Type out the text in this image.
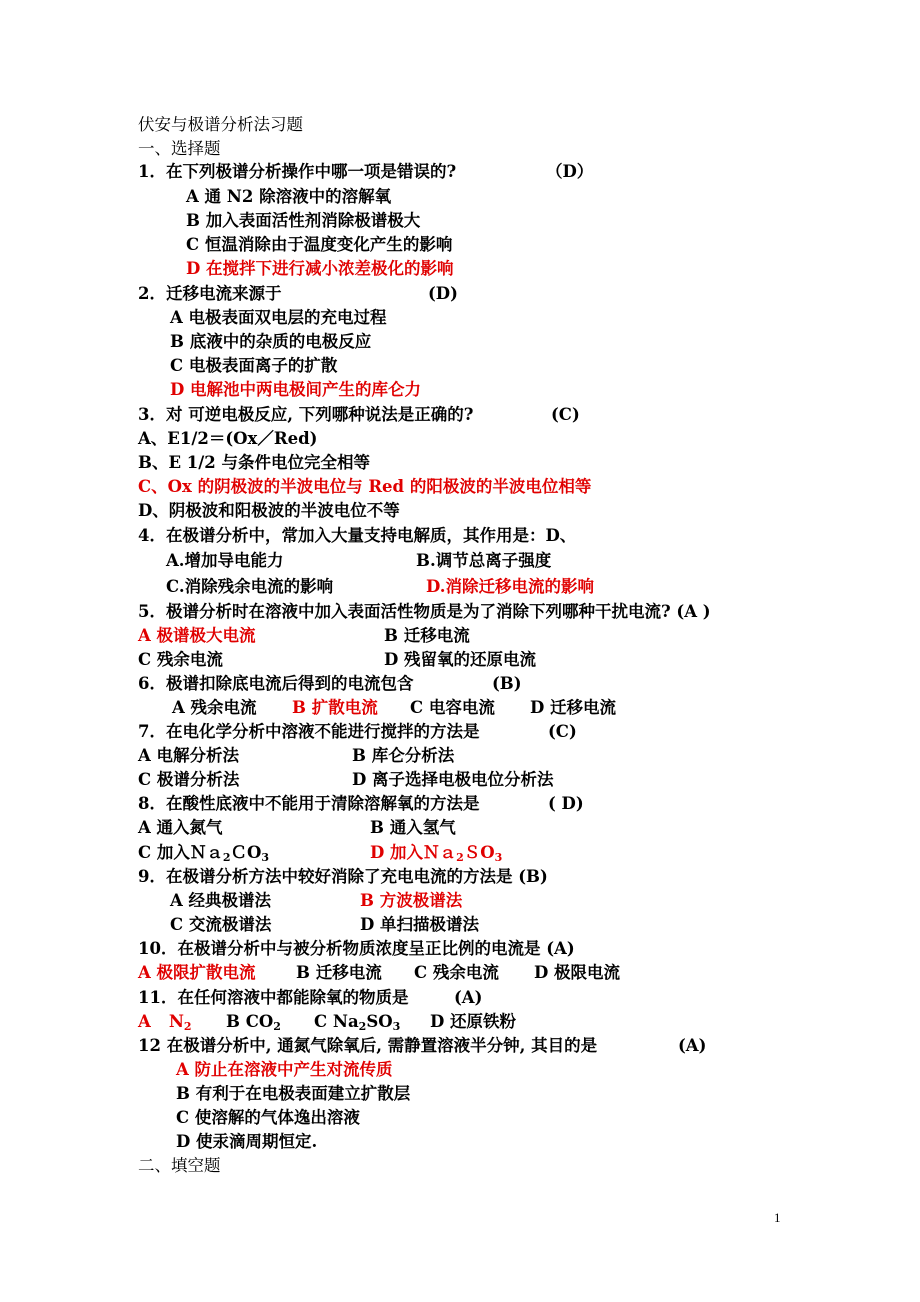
伏安与极谱分析法习题
一、选择题
1．在下列极谱分析操作中哪一项是错误的?	（D）
A 通 N2 除溶液中的溶解氧
B 加入表面活性剂消除极谱极大
C 恒温消除由于温度变化产生的影响
D 在搅拌下进行减小浓差极化的影响
2．迁移电流来源于	(D)
A 电极表面双电层的充电过程
B 底液中的杂质的电极反应
C 电极表面离子的扩散
D 电解池中两电极间产生的库仑力
3．对 可逆电极反应, 下列哪种说法是正确的?	(C)
A、E1/2＝(Ox／Red)
B、E 1/2 与条件电位完全相等
C、Ox 的阴极波的半波电位与 Red 的阳极波的半波电位相等
D、阴极波和阳极波的半波电位不等
4．在极谱分析中，常加入大量支持电解质，其作用是：D、
A.增加导电能力	B.调节总离子强度
C.消除残余电流的影响	D.消除迁移电流的影响
5．极谱分析时在溶液中加入表面活性物质是为了消除下列哪种干扰电流? (A )
A 极谱极大电流	B 迁移电流
C 残余电流	D 残留氧的还原电流
6．极谱扣除底电流后得到的电流包含	(B)
A 残余电流 B 扩散电流 C 电容电流 D 迁移电流
7．在电化学分析中溶液不能进行搅拌的方法是	(C)
A 电解分析法	B 库仑分析法
C 极谱分析法	D 离子选择电极电位分析法
8．在酸性底液中不能用于清除溶解氧的方法是	( D)
A 通入氮气	B 通入氢气
C 加入Ｎａ$_2$ＣO$_3$	D 加入Ｎａ$_2$ＳO$_3$
9．在极谱分析方法中较好消除了充电电流的方法是 (B)
A 经典极谱法	B 方波极谱法
C 交流极谱法	D 单扫描极谱法
10．在极谱分析中与被分析物质浓度呈正比例的电流是 (A)
A 极限扩散电流 B 迁移电流 C 残余电流 D 极限电流
11．在任何溶液中都能除氧的物质是	(A)
A $N_2$ B $CO_2$ C $Na_2SO_3$ D 还原铁粉
12 在极谱分析中, 通氮气除氧后, 需静置溶液半分钟, 其目的是	(A)
A 防止在溶液中产生对流传质
B 有利于在电极表面建立扩散层
C 使溶解的气体逸出溶液
D 使汞滴周期恒定.
二、填空题
1
